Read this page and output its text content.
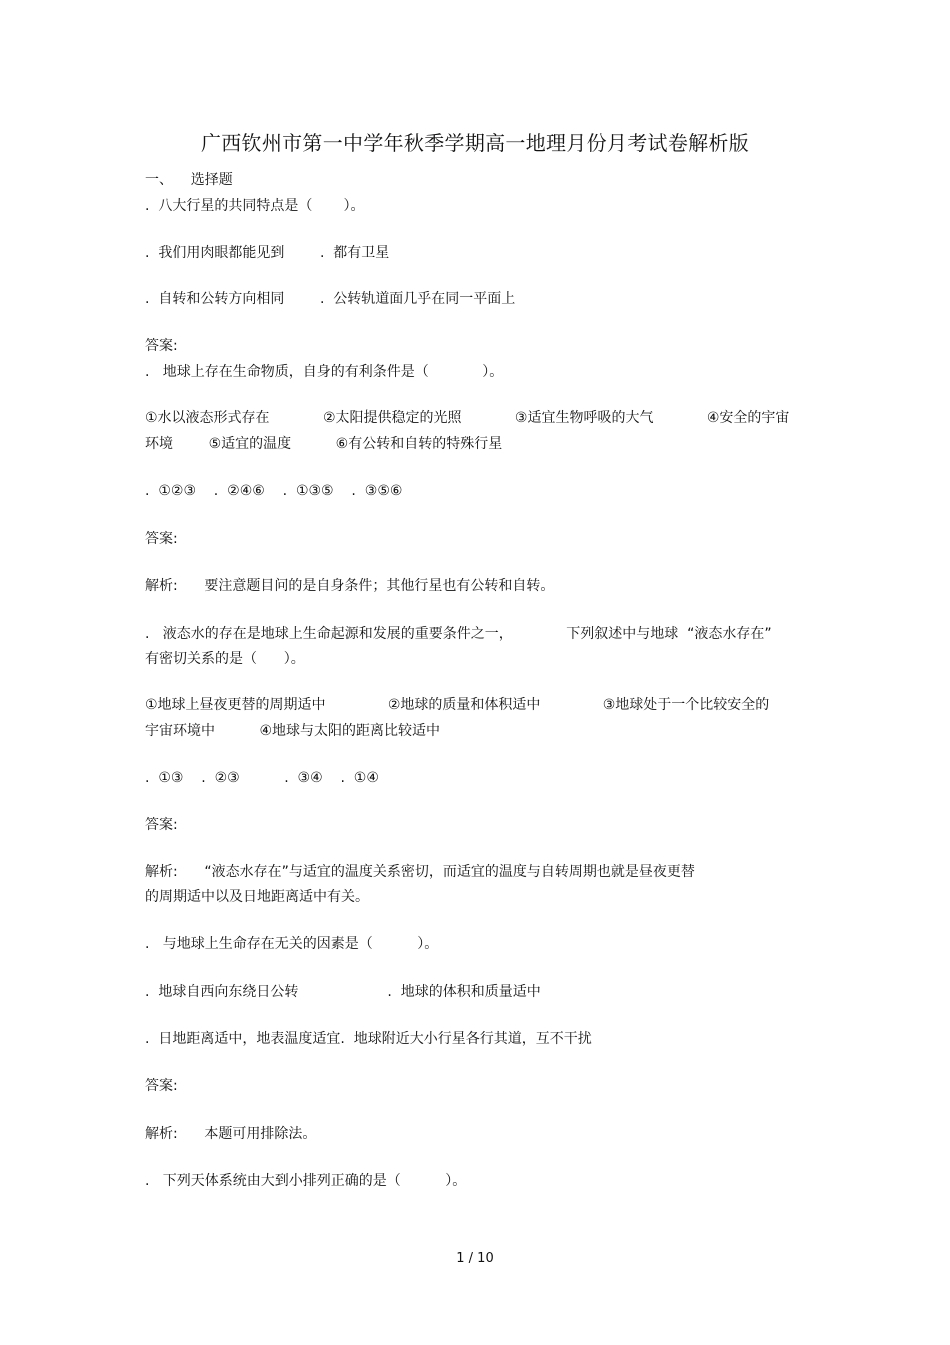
广西钦州市第一中学年秋季学期高一地理月份月考试卷解析版
一、    选择题
.  八大行星的共同特点是（       ）。
.  我们用肉眼都能见到        .  都有卫星
.  自转和公转方向相同        .  公转轨道面几乎在同一平面上
答案:
.   地球上存在生命物质，自身的有利条件是（            ）。
①水以液态形式存在            ②太阳提供稳定的光照            ③适宜生物呼吸的大气            ④安全的宇宙
环境        ⑤适宜的温度          ⑥有公转和自转的特殊行星
.  ①②③    .  ②④⑥    .  ①③⑤    .  ③⑤⑥
答案:
解析:      要注意题目问的是自身条件；其他行星也有公转和自转。
.   液态水的存在是地球上生命起源和发展的重要条件之一，            下列叙述中与地球  “液态水存在”
有密切关系的是（      ）。
①地球上昼夜更替的周期适中              ②地球的质量和体积适中              ③地球处于一个比较安全的
宇宙环境中          ④地球与太阳的距离比较适中
.  ①③    .  ②③          .  ③④    .  ①④
答案:
解析:      “液态水存在”与适宜的温度关系密切，而适宜的温度与自转周期也就是昼夜更替
的周期适中以及日地距离适中有关。
.   与地球上生命存在无关的因素是（          ）。
.  地球自西向东绕日公转                    .  地球的体积和质量适中
.  日地距离适中，地表温度适宜.  地球附近大小行星各行其道，互不干扰
答案:
解析:      本题可用排除法。
.   下列天体系统由大到小排列正确的是（          ）。
1 / 10
